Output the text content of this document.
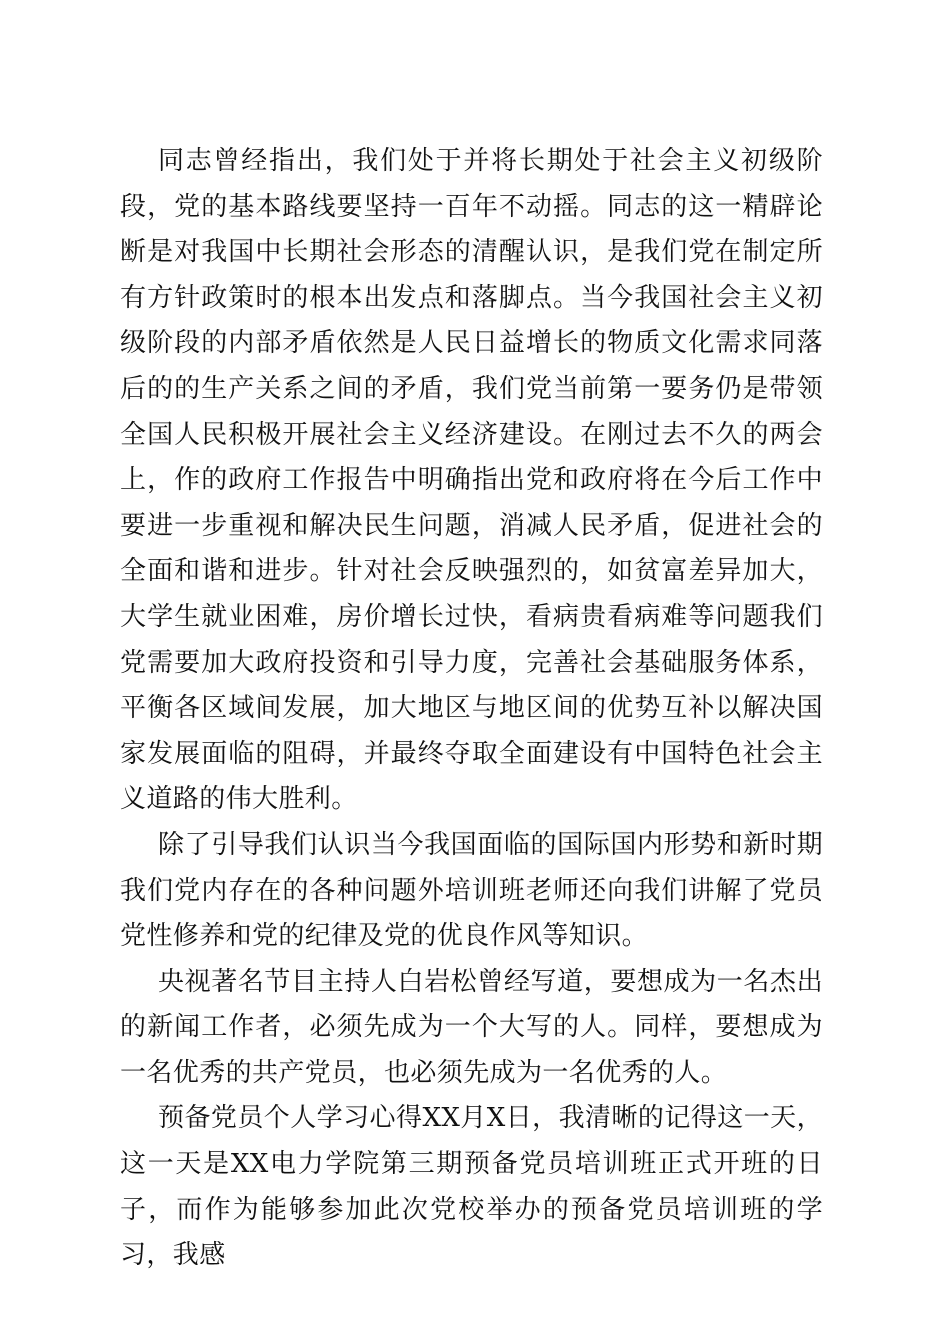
同志曾经指出，我们处于并将长期处于社会主义初级阶段，党的基本路线要坚持一百年不动摇。同志的这一精辟论断是对我国中长期社会形态的清醒认识，是我们党在制定所有方针政策时的根本出发点和落脚点。当今我国社会主义初级阶段的内部矛盾依然是人民日益增长的物质文化需求同落后的的生产关系之间的矛盾，我们党当前第一要务仍是带领全国人民积极开展社会主义经济建设。在刚过去不久的两会上，作的政府工作报告中明确指出党和政府将在今后工作中要进一步重视和解决民生问题，消减人民矛盾，促进社会的全面和谐和进步。针对社会反映强烈的，如贫富差异加大，大学生就业困难，房价增长过快，看病贵看病难等问题我们党需要加大政府投资和引导力度，完善社会基础服务体系，平衡各区域间发展，加大地区与地区间的优势互补以解决国家发展面临的阻碍，并最终夺取全面建设有中国特色社会主义道路的伟大胜利。

除了引导我们认识当今我国面临的国际国内形势和新时期我们党内存在的各种问题外培训班老师还向我们讲解了党员党性修养和党的纪律及党的优良作风等知识。

央视著名节目主持人白岩松曾经写道，要想成为一名杰出的新闻工作者，必须先成为一个大写的人。同样，要想成为一名优秀的共产党员，也必须先成为一名优秀的人。

预备党员个人学习心得XX月X日，我清晰的记得这一天，这一天是XX电力学院第三期预备党员培训班正式开班的日子，而作为能够参加此次党校举办的预备党员培训班的学习，我感
